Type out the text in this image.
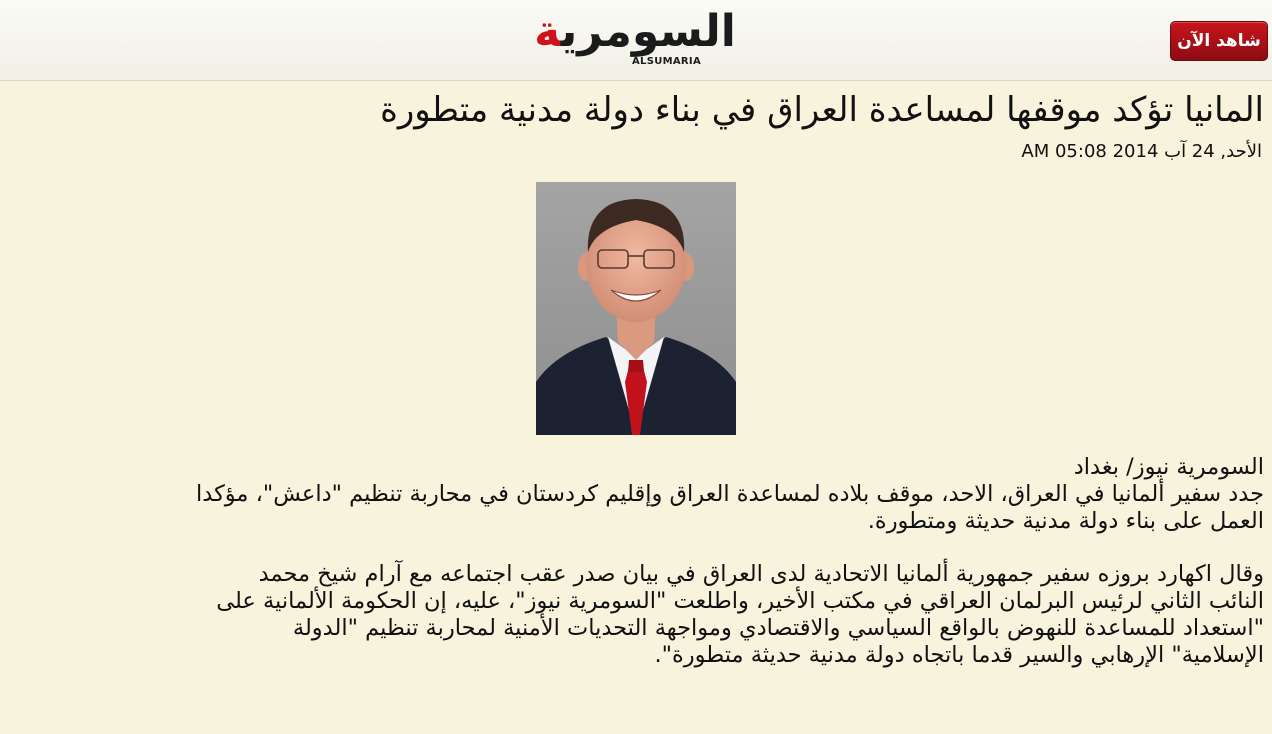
السومرية
ALSUMARIA
شاهد الآن
المانيا تؤكد موقفها لمساعدة العراق في بناء دولة مدنية متطورة
الأحد, 24 آب 2014 05:08 AM

السومرية نيوز/ بغداد

جدد سفير ألمانيا في العراق، الاحد، موقف بلاده لمساعدة العراق وإقليم كردستان في محاربة تنظيم "داعش"، مؤكدا

العمل على بناء دولة مدنية حديثة ومتطورة.

وقال اكهارد بروزه سفير جمهورية ألمانيا الاتحادية لدى العراق في بيان صدر عقب اجتماعه مع آرام شيخ محمد

النائب الثاني لرئيس البرلمان العراقي في مكتب الأخير، واطلعت "السومرية نيوز"، عليه، إن الحكومة الألمانية على

"استعداد للمساعدة للنهوض بالواقع السياسي والاقتصادي ومواجهة التحديات الأمنية لمحاربة تنظيم "الدولة

الإسلامية" الإرهابي والسير قدما باتجاه دولة مدنية حديثة متطورة".
